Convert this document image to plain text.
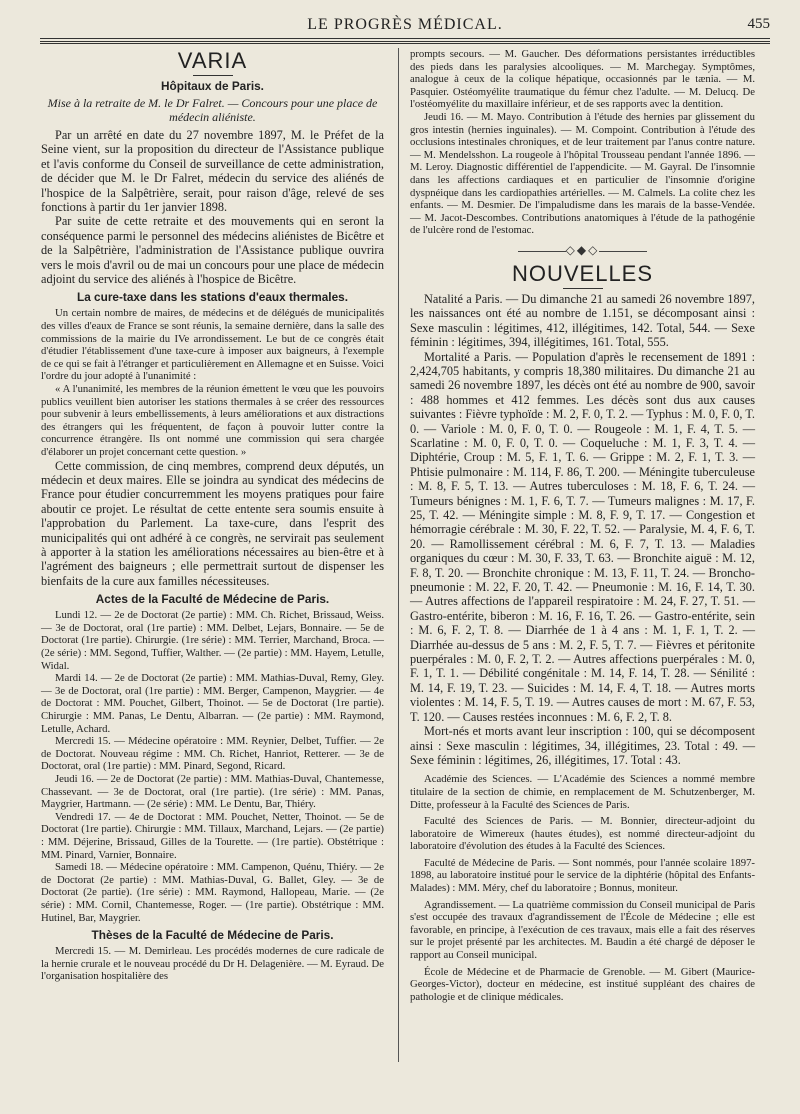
LE PROGRÈS MÉDICAL.	455
VARIA
Hôpitaux de Paris.

Mise à la retraite de M. le Dr Falret. — Concours pour une place de médecin aliéniste.

Par un arrêté en date du 27 novembre 1897, M. le Préfet de la Seine vient, sur la proposition du directeur de l'Assistance publique et l'avis conforme du Conseil de surveillance de cette administration, de décider que M. le Dr Falret, médecin du service des aliénés de l'hospice de la Salpêtrière, serait, pour raison d'âge, relevé de ses fonctions à partir du 1er janvier 1898.

Par suite de cette retraite et des mouvements qui en seront la conséquence parmi le personnel des médecins aliénistes de Bicêtre et de la Salpêtrière, l'administration de l'Assistance publique ouvrira vers le mois d'avril ou de mai un concours pour une place de médecin adjoint du service des aliénés à l'hospice de Bicêtre.

La cure-taxe dans les stations d'eaux thermales.

Un certain nombre de maires, de médecins et de délégués de municipalités des villes d'eaux de France se sont réunis, la semaine dernière, dans la salle des commissions de la mairie du IVe arrondissement. Le but de ce congrès était d'étudier l'établissement d'une taxe-cure à imposer aux baigneurs, à l'exemple de ce qui se fait à l'étranger et particulièrement en Allemagne et en Suisse. Voici l'ordre du jour adopté à l'unanimité :

« A l'unanimité, les membres de la réunion émettent le vœu que les pouvoirs publics veuillent bien autoriser les stations thermales à se créer des ressources pour subvenir à leurs embellissements, à leurs améliorations et aux distractions des étrangers qui les fréquentent, de façon à pouvoir lutter contre la concurrence étrangère. Ils ont nommé une commission qui sera chargée d'élaborer un projet concernant cette question. »

Cette commission, de cinq membres, comprend deux députés, un médecin et deux maires. Elle se joindra au syndicat des médecins de France pour étudier concurremment les moyens pratiques pour faire aboutir ce projet. Le résultat de cette entente sera soumis ensuite à l'approbation du Parlement. La taxe-cure, dans l'esprit des municipalités qui ont adhéré à ce congrès, ne servirait pas seulement à apporter à la station les améliorations nécessaires au bien-être et à l'agrément des baigneurs ; elle permettrait surtout de dispenser les bienfaits de la cure aux familles nécessiteuses.

Actes de la Faculté de Médecine de Paris.

Lundi 12. — 2e de Doctorat (2e partie) : MM. Ch. Richet, Brissaud, Weiss. — 3e de Doctorat, oral (1re partie) : MM. Delbet, Lejars, Bonnaire. — 5e de Doctorat (1re partie). Chirurgie. (1re série) : MM. Terrier, Marchand, Broca. — (2e série) : MM. Segond, Tuffier, Walther. — (2e partie) : MM. Hayem, Letulle, Widal.

Mardi 14. — 2e de Doctorat (2e partie) : MM. Mathias-Duval, Remy, Gley. — 3e de Doctorat, oral (1re partie) : MM. Berger, Campenon, Maygrier. — 4e de Doctorat : MM. Pouchet, Gilbert, Thoinot. — 5e de Doctorat (1re partie). Chirurgie : MM. Panas, Le Dentu, Albarran. — (2e partie) : MM. Raymond, Letulle, Achard.

Mercredi 15. — Médecine opératoire : MM. Reynier, Delbet, Tuffier. — 2e de Doctorat. Nouveau régime : MM. Ch. Richet, Hanriot, Retterer. — 3e de Doctorat, oral (1re partie) : MM. Pinard, Segond, Ricard.

Jeudi 16. — 2e de Doctorat (2e partie) : MM. Mathias-Duval, Chantemesse, Chassevant. — 3e de Doctorat, oral (1re partie). (1re série) : MM. Panas, Maygrier, Hartmann. — (2e série) : MM. Le Dentu, Bar, Thiéry.

Vendredi 17. — 4e de Doctorat : MM. Pouchet, Netter, Thoinot. — 5e de Doctorat (1re partie). Chirurgie : MM. Tillaux, Marchand, Lejars. — (2e partie) : MM. Déjerine, Brissaud, Gilles de la Tourette. — (1re partie). Obstétrique : MM. Pinard, Varnier, Bonnaire.

Samedi 18. — Médecine opératoire : MM. Campenon, Quénu, Thiéry. — 2e de Doctorat (2e partie) : MM. Mathias-Duval, G. Ballet, Gley. — 3e de Doctorat (2e partie). (1re série) : MM. Raymond, Hallopeau, Marie. — (2e série) : MM. Cornil, Chantemesse, Roger. — (1re partie). Obstétrique : MM. Hutinel, Bar, Maygrier.

Thèses de la Faculté de Médecine de Paris.

Mercredi 15. — M. Demirleau. Les procédés modernes de cure radicale de la hernie crurale et le nouveau procédé du Dr H. Delagenière. — M. Eyraud. De l'organisation hospitalière des

prompts secours. — M. Gaucher. Des déformations persistantes irréductibles des pieds dans les paralysies alcooliques. — M. Marchegay. Symptômes, analogue à ceux de la colique hépatique, occasionnés par le tænia. — M. Pasquier. Ostéomyélite traumatique du fémur chez l'adulte. — M. Delucq. De l'ostéomyélite du maxillaire inférieur, et de ses rapports avec la dentition.

Jeudi 16. — M. Mayo. Contribution à l'étude des hernies par glissement du gros intestin (hernies inguinales). — M. Compoint. Contribution à l'étude des occlusions intestinales chroniques, et de leur traitement par l'anus contre nature. — M. Mendelsshon. La rougeole à l'hôpital Trousseau pendant l'année 1896. — M. Leroy. Diagnostic différentiel de l'appendicite. — M. Gayral. De l'insomnie dans les affections cardiaques et en particulier de l'insomnie d'origine dyspnéique dans les cardiopathies artérielles. — M. Calmels. La colite chez les enfants. — M. Desmier. De l'impaludisme dans les marais de la basse-Vendée. — M. Jacot-Descombes. Contributions anatomiques à l'étude de la pathogénie de l'ulcère rond de l'estomac.

◇◆◇
NOUVELLES

Natalité a Paris. — Du dimanche 21 au samedi 26 novembre 1897, les naissances ont été au nombre de 1.151, se décomposant ainsi : Sexe masculin : légitimes, 412, illégitimes, 142. Total, 544. — Sexe féminin : légitimes, 394, illégitimes, 161. Total, 555.

Mortalité a Paris. — Population d'après le recensement de 1891 : 2,424,705 habitants, y compris 18,380 militaires. Du dimanche 21 au samedi 26 novembre 1897, les décès ont été au nombre de 900, savoir : 488 hommes et 412 femmes. Les décès sont dus aux causes suivantes : Fièvre typhoïde : M. 2, F. 0, T. 2. — Typhus : M. 0, F. 0, T. 0. — Variole : M. 0, F. 0, T. 0. — Rougeole : M. 1, F. 4, T. 5. — Scarlatine : M. 0, F. 0, T. 0. — Coqueluche : M. 1, F. 3, T. 4. — Diphtérie, Croup : M. 5, F. 1, T. 6. — Grippe : M. 2, F. 1, T. 3. — Phtisie pulmonaire : M. 114, F. 86, T. 200. — Méningite tuberculeuse : M. 8, F. 5, T. 13. — Autres tuberculoses : M. 18, F. 6, T. 24. — Tumeurs bénignes : M. 1, F. 6, T. 7. — Tumeurs malignes : M. 17, F. 25, T. 42. — Méningite simple : M. 8, F. 9, T. 17. — Congestion et hémorragie cérébrale : M. 30, F. 22, T. 52. — Paralysie, M. 4, F. 6, T. 20. — Ramollissement cérébral : M. 6, F. 7, T. 13. — Maladies organiques du cœur : M. 30, F. 33, T. 63. — Bronchite aiguë : M. 12, F. 8, T. 20. — Bronchite chronique : M. 13, F. 11, T. 24. — Broncho-pneumonie : M. 22, F. 20, T. 42. — Pneumonie : M. 16, F. 14, T. 30. — Autres affections de l'appareil respiratoire : M. 24, F. 27, T. 51. — Gastro-entérite, biberon : M. 16, F. 16, T. 26. — Gastro-entérite, sein : M. 6, F. 2, T. 8. — Diarrhée de 1 à 4 ans : M. 1, F. 1, T. 2. — Diarrhée au-dessus de 5 ans : M. 2, F. 5, T. 7. — Fièvres et péritonite puerpérales : M. 0, F. 2, T. 2. — Autres affections puerpérales : M. 0, F. 1, T. 1. — Débilité congénitale : M. 14, F. 14, T. 28. — Sénilité : M. 14, F. 19, T. 23. — Suicides : M. 14, F. 4, T. 18. — Autres morts violentes : M. 14, F. 5, T. 19. — Autres causes de mort : M. 67, F. 53, T. 120. — Causes restées inconnues : M. 6, F. 2, T. 8.

Mort-nés et morts avant leur inscription : 100, qui se décomposent ainsi : Sexe masculin : légitimes, 34, illégitimes, 23. Total : 49. — Sexe féminin : légitimes, 26, illégitimes, 17. Total : 43.

Académie des Sciences. — L'Académie des Sciences a nommé membre titulaire de la section de chimie, en remplacement de M. Schutzenberger, M. Ditte, professeur à la Faculté des Sciences de Paris.

Faculté des Sciences de Paris. — M. Bonnier, directeur-adjoint du laboratoire de Wimereux (hautes études), est nommé directeur-adjoint du laboratoire d'évolution des études à la Faculté des Sciences.

Faculté de Médecine de Paris. — Sont nommés, pour l'année scolaire 1897-1898, au laboratoire institué pour le service de la diphtérie (hôpital des Enfants-Malades) : MM. Méry, chef du laboratoire ; Bonnus, moniteur.

Agrandissement. — La quatrième commission du Conseil municipal de Paris s'est occupée des travaux d'agrandissement de l'École de Médecine ; elle est favorable, en principe, à l'exécution de ces travaux, mais elle a fait des réserves sur le projet présenté par les architectes. M. Baudin a été chargé de déposer le rapport au Conseil municipal.

École de Médecine et de Pharmacie de Grenoble. — M. Gibert (Maurice-Georges-Victor), docteur en médecine, est institué suppléant des chaires de pathologie et de clinique médicales.
